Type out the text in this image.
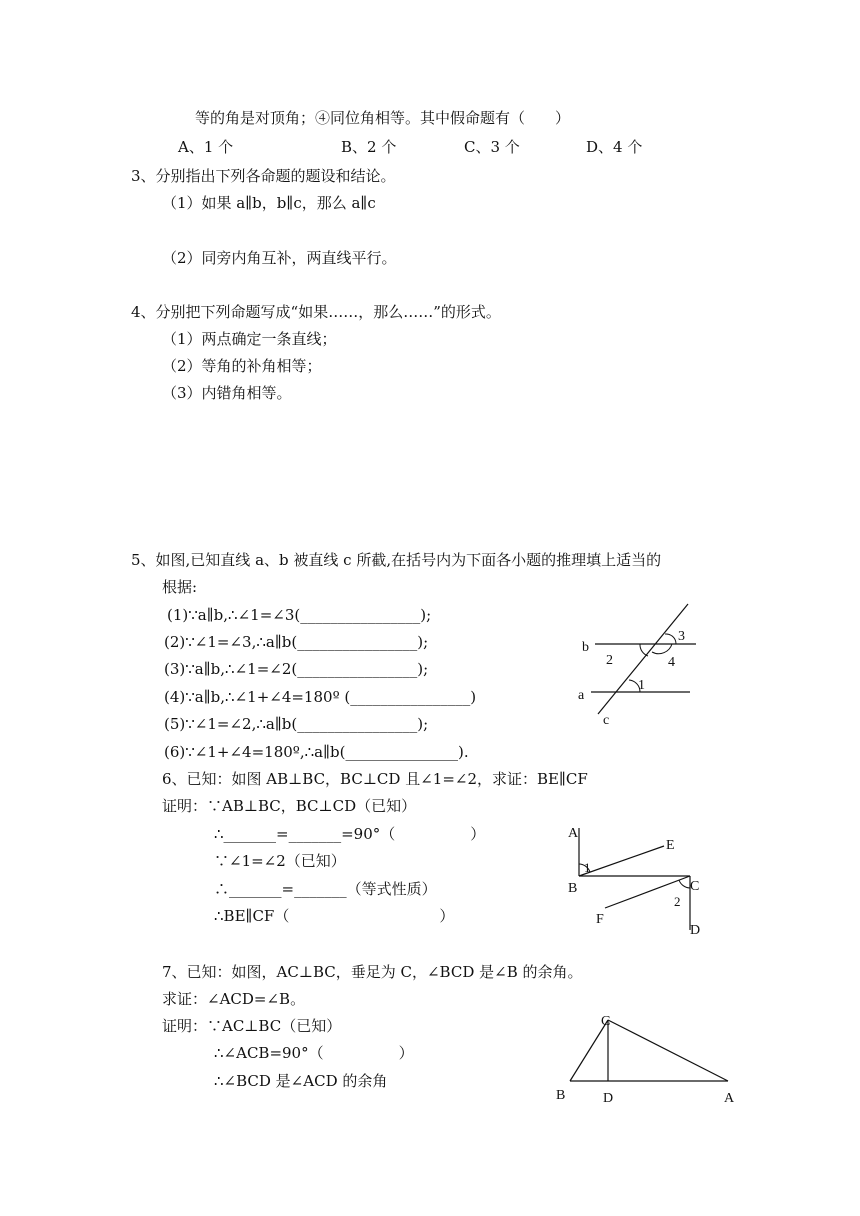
等的角是对顶角；④同位角相等。其中假命题有（　　）
A、1 个	B、2 个	C、3 个	D、4 个
3、分别指出下列各命题的题设和结论。
（1）如果 a∥b，b∥c，那么 a∥c
（2）同旁内角互补，两直线平行。
4、分别把下列命题写成“如果……，那么……”的形式。
（1）两点确定一条直线；
（2）等角的补角相等；
（3）内错角相等。
5、如图,已知直线 a、b 被直线 c 所截,在括号内为下面各小题的推理填上适当的
根据:
(1)∵a∥b,∴∠1=∠3(________________);
(2)∵∠1=∠3,∴a∥b(________________);
(3)∵a∥b,∴∠1=∠2(________________);
(4)∵a∥b,∴∠1+∠4=180º (________________)
(5)∵∠1=∠2,∴a∥b(________________);
(6)∵∠1+∠4=180º,∴a∥b(_______________).
b
a
c
3
2	4
1
6、已知：如图 AB⊥BC，BC⊥CD 且∠1=∠2，求证：BE∥CF
证明：∵AB⊥BC，BC⊥CD（已知）
∴_______=_______=90°（　　　　　）
∵∠1=∠2（已知）
∴_______=_______（等式性质）
∴BE∥CF（　　　　　　　　　　）
A
B	C
D
E
F
1
2
7、已知：如图，AC⊥BC，垂足为 C，∠BCD 是∠B 的余角。
求证：∠ACD=∠B。
证明：∵AC⊥BC（已知）
∴∠ACB=90°（　　　　　）
∴∠BCD 是∠ACD 的余角
C
B	D	A
